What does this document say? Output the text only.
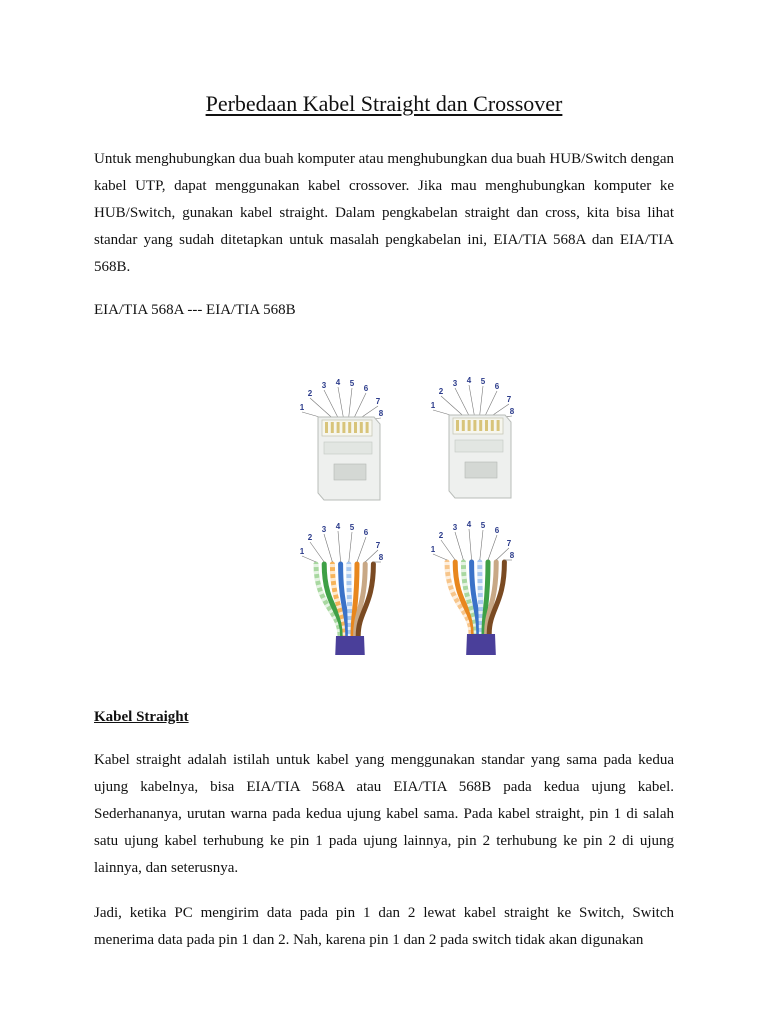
Perbedaan Kabel Straight dan Crossover

Untuk menghubungkan dua buah komputer atau menghubungkan dua buah HUB/Switch dengan kabel UTP, dapat menggunakan kabel crossover. Jika mau menghubungkan komputer ke HUB/Switch, gunakan kabel straight. Dalam pengkabelan straight dan cross, kita bisa lihat standar yang sudah ditetapkan untuk masalah pengkabelan ini, EIA/TIA 568A dan EIA/TIA 568B.

EIA/TIA 568A --- EIA/TIA 568B

1
2
3 4 5
6
7
8
1
2
3 4 5
6
7
8
1
2
3 4 5
6
7
8
1
2
3 4 5
6
7
8
Kabel Straight

Kabel straight adalah istilah untuk kabel yang menggunakan standar yang sama pada kedua ujung kabelnya, bisa EIA/TIA 568A atau EIA/TIA 568B pada kedua ujung kabel. Sederhananya, urutan warna pada kedua ujung kabel sama. Pada kabel straight, pin 1 di salah satu ujung kabel terhubung ke pin 1 pada ujung lainnya, pin 2 terhubung ke pin 2 di ujung lainnya, dan seterusnya.

Jadi, ketika PC mengirim data pada pin 1 dan 2 lewat kabel straight ke Switch, Switch menerima data pada pin 1 dan 2. Nah, karena pin 1 dan 2 pada switch tidak akan digunakan
